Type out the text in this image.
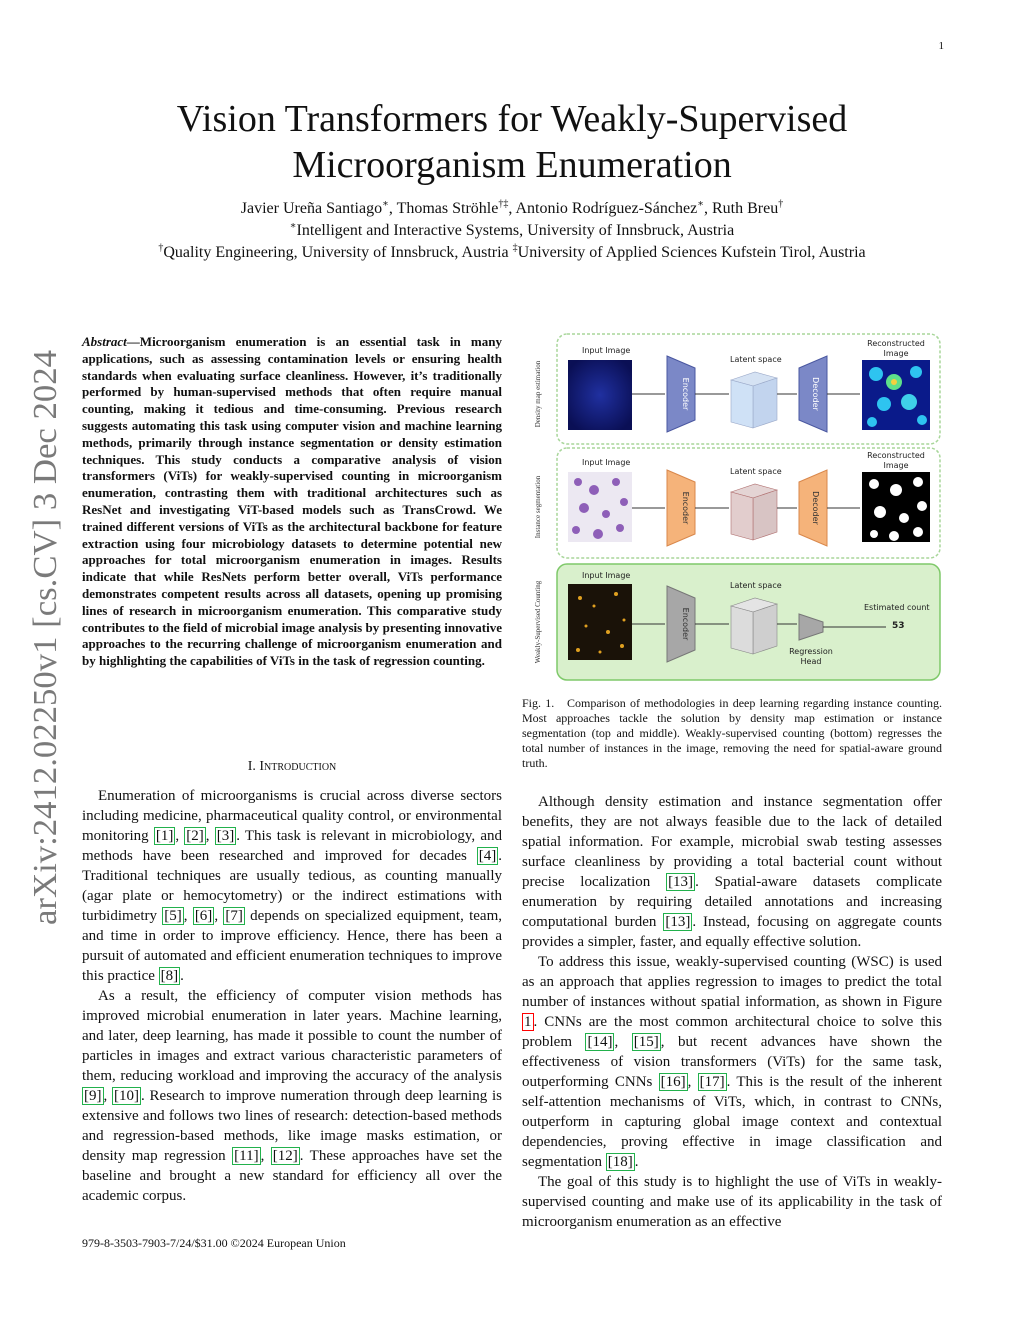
1
arXiv:2412.02250v1 [cs.CV] 3 Dec 2024
Vision Transformers for Weakly-Supervised
Microorganism Enumeration

Javier Ureña Santiago∗, Thomas Ströhle†‡, Antonio Rodríguez-Sánchez∗, Ruth Breu†

∗Intelligent and Interactive Systems, University of Innsbruck, Austria

†Quality Engineering, University of Innsbruck, Austria ‡University of Applied Sciences Kufstein Tirol, Austria

Abstract—Microorganism enumeration is an essential task in many applications, such as assessing contamination levels or ensuring health standards when evaluating surface cleanliness. However, it’s traditionally performed by human-supervised methods that often require manual counting, making it tedious and time-consuming. Previous research suggests automating this task using computer vision and machine learning methods, primarily through instance segmentation or density estimation techniques. This study conducts a comparative analysis of vision transformers (ViTs) for weakly-supervised counting in microorganism enumeration, contrasting them with traditional architectures such as ResNet and investigating ViT-based models such as TransCrowd. We trained different versions of ViTs as the architectural backbone for feature extraction using four microbiology datasets to determine potential new approaches for total microorganism enumeration in images. Results indicate that while ResNets perform better overall, ViTs performance demonstrates competent results across all datasets, opening up promising lines of research in microorganism enumeration. This comparative study contributes to the field of microbial image analysis by presenting innovative approaches to the recurring challenge of microorganism enumeration and by highlighting the capabilities of ViTs in the task of regression counting.

I. Introduction

Enumeration of microorganisms is crucial across diverse sectors including medicine, pharmaceutical quality control, or environmental monitoring [1] , [2] , [3] . This task is relevant in microbiology, and methods have been researched and improved for decades [4] . Traditional techniques are usually tedious, as counting manually (agar plate or hemocytometry) or the indirect estimations with turbidimetry [5] , [6] , [7] depends on specialized equipment, team, and time in order to improve efficiency. Hence, there has been a pursuit of automated and efficient enumeration techniques to improve this practice [8] .

As a result, the efficiency of computer vision methods has improved microbial enumeration in later years. Machine learning, and later, deep learning, has made it possible to count the number of particles in images and extract various characteristic parameters of them, reducing workload and improving the accuracy of the analysis [9] , [10] . Research to improve numeration through deep learning is extensive and follows two lines of research: detection-based methods and regression-based methods, like image masks estimation, or density map regression [11] , [12] . These approaches have set the baseline and brought a new standard for efficiency all over the academic corpus.

979-8-3503-7903-7/24/$31.00 ©2024 European Union
Density map estimation
Instance segmentation
Weakly-Supervised Counting
Input Image
Encoder
Latent space
Decoder
Reconstructed
Image
Input Image
Encoder
Latent space
Decoder
Reconstructed
Image
Input Image
Encoder
Latent space
Regression
Head
Estimated count
53

Fig. 1. Comparison of methodologies in deep learning regarding instance counting. Most approaches tackle the solution by density map estimation or instance segmentation (top and middle). Weakly-supervised counting (bottom) regresses the total number of instances in the image, removing the need for spatial-aware ground truth.

Although density estimation and instance segmentation offer benefits, they are not always feasible due to the lack of detailed spatial information. For example, microbial swab testing assesses surface cleanliness by providing a total bacterial count without precise localization [13] . Spatial-aware datasets complicate enumeration by requiring detailed annotations and increasing computational burden [13] . Instead, focusing on aggregate counts provides a simpler, faster, and equally effective solution.

To address this issue, weakly-supervised counting (WSC) is used as an approach that applies regression to images to predict the total number of instances without spatial information, as shown in Figure 1 . CNNs are the most common architectural choice to solve this problem [14] , [15] , but recent advances have shown the effectiveness of vision transformers (ViTs) for the same task, outperforming CNNs [16] , [17] . This is the result of the inherent self-attention mechanisms of ViTs, which, in contrast to CNNs, outperform in capturing global image context and contextual dependencies, proving effective in image classification and segmentation [18] .

The goal of this study is to highlight the use of ViTs in weakly-supervised counting and make use of its applicability in the task of microorganism enumeration as an effective
